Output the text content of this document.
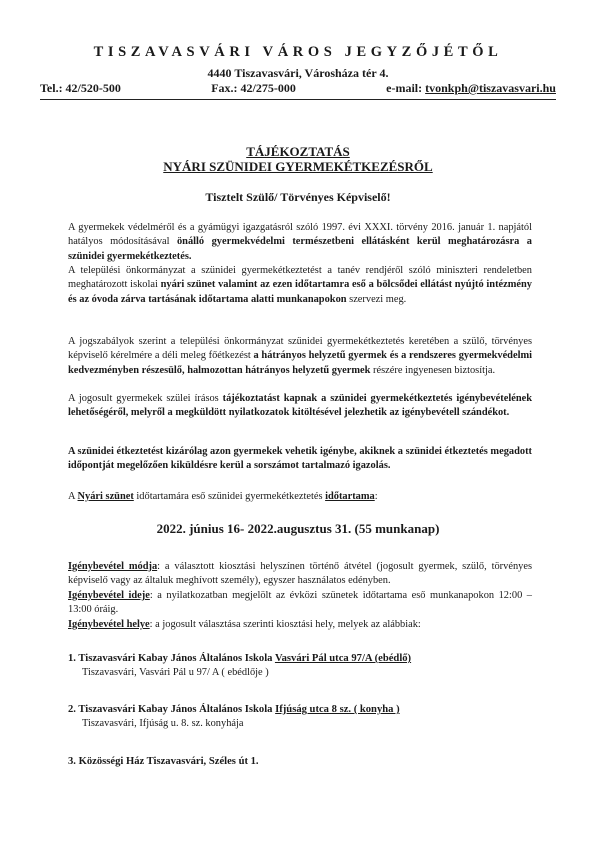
TISZAVASVÁRI VÁROS JEGYZŐJÉTŐL
4440 Tiszavasvári, Városháza tér 4.
Tel.: 42/520-500	Fax.: 42/275-000	e-mail: tvonkph@tiszavasvari.hu
TÁJÉKOZTATÁS
NYÁRI SZÜNIDEI GYERMEKÉTKEZÉSRŐL
Tisztelt Szülő/ Törvényes Képviselő!
A gyermekek védelméről és a gyámügyi igazgatásról szóló 1997. évi XXXI. törvény 2016. január 1. napjától hatályos módosításával önálló gyermekvédelmi természetbeni ellátásként kerül meghatározásra a szünidei gyermekétkeztetés.
A települési önkormányzat a szünidei gyermekétkeztetést a tanév rendjéről szóló miniszteri rendeletben meghatározott iskolai nyári szünet valamint az ezen időtartamra eső a bölcsődei ellátást nyújtó intézmény és az óvoda zárva tartásának időtartama alatti munkanapokon szervezi meg.
A jogszabályok szerint a települési önkormányzat szünidei gyermekétkeztetés keretében a szülő, törvényes képviselő kérelmére a déli meleg főétkezést a hátrányos helyzetű gyermek és a rendszeres gyermekvédelmi kedvezményben részesülő, halmozottan hátrányos helyzetű gyermek részére ingyenesen biztosítja.
A jogosult gyermekek szülei írásos tájékoztatást kapnak a szünidei gyermekétkeztetés igénybevételének lehetőségéről, melyről a megküldött nyilatkozatok kitöltésével jelezhetik az igénybevétell szándékot.
A szünidei étkeztetést kizárólag azon gyermekek vehetik igénybe, akiknek a szünidei étkeztetés megadott időpontját megelőzően kiküldésre kerül a sorszámot tartalmazó igazolás.
A Nyári szünet időtartamára eső szünidei gyermekétkeztetés időtartama:
2022. június 16- 2022.augusztus 31. (55 munkanap)
Igénybevétel módja: a választott kiosztási helyszínen történő átvétel (jogosult gyermek, szülő, törvényes képviselő vagy az általuk meghívott személy), egyszer használatos edényben.
Igénybevétel ideje: a nyilatkozatban megjelölt az évközi szünetek időtartama eső munkanapokon 12:00 – 13:00 óráig.
Igénybevétel helye: a jogosult választása szerinti kiosztási hely, melyek az alábbiak:
1. Tiszavasvári Kabay János Általános Iskola Vasvári Pál utca 97/A (ebédlő)
Tiszavasvári, Vasvári Pál u 97/ A ( ebédlője )
2. Tiszavasvári Kabay János Általános Iskola Ifjúság utca 8 sz. ( konyha )
Tiszavasvári, Ifjúság u. 8. sz. konyhája
3. Közösségi Ház Tiszavasvári, Széles út 1.
